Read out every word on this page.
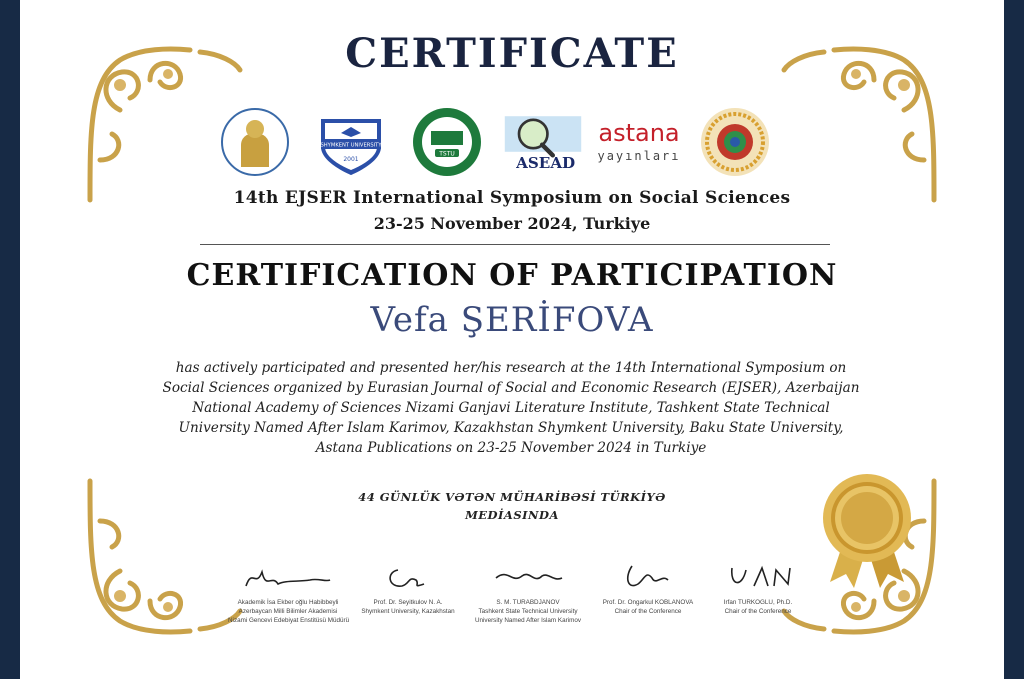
CERTIFICATE
SHYMKENT UNIVERSITY
2001
TSTU	ASEAD
astana
yayınları
14th EJSER International Symposium on Social Sciences
23-25 November 2024, Turkiye
CERTIFICATION OF PARTICIPATION
Vefa ŞERİFOVA
has actively participated and presented her/his research at the 14th International Symposium on
Social Sciences organized by Eurasian Journal of Social and Economic Research (EJSER), Azerbaijan
National Academy of Sciences Nizami Ganjavi Literature Institute, Tashkent State Technical
University Named After Islam Karimov, Kazakhstan Shymkent University, Baku State University,
Astana Publications on 23-25 November 2024 in Turkiye
44 GÜNLÜK VƏTƏN MÜHARİBƏSİ TÜRKİYƏ
MEDİASINDA
Akademik İsa Ekber oğlu Habibbeyli
Azerbaycan Milli Bilimler Akademisi
Nizami Gencevi Edebiyat Enstitüsü Müdürü
Prof. Dr. Seyitkulov N. A.
Shymkent University, Kazakhstan
S. M. TURABDJANOV
Tashkent State Technical University
University Named After Islam Karimov
Prof. Dr. Ongarkul KOBLANOVA
Chair of the Conference
Irfan TURKOGLU, Ph.D.
Chair of the Conference
